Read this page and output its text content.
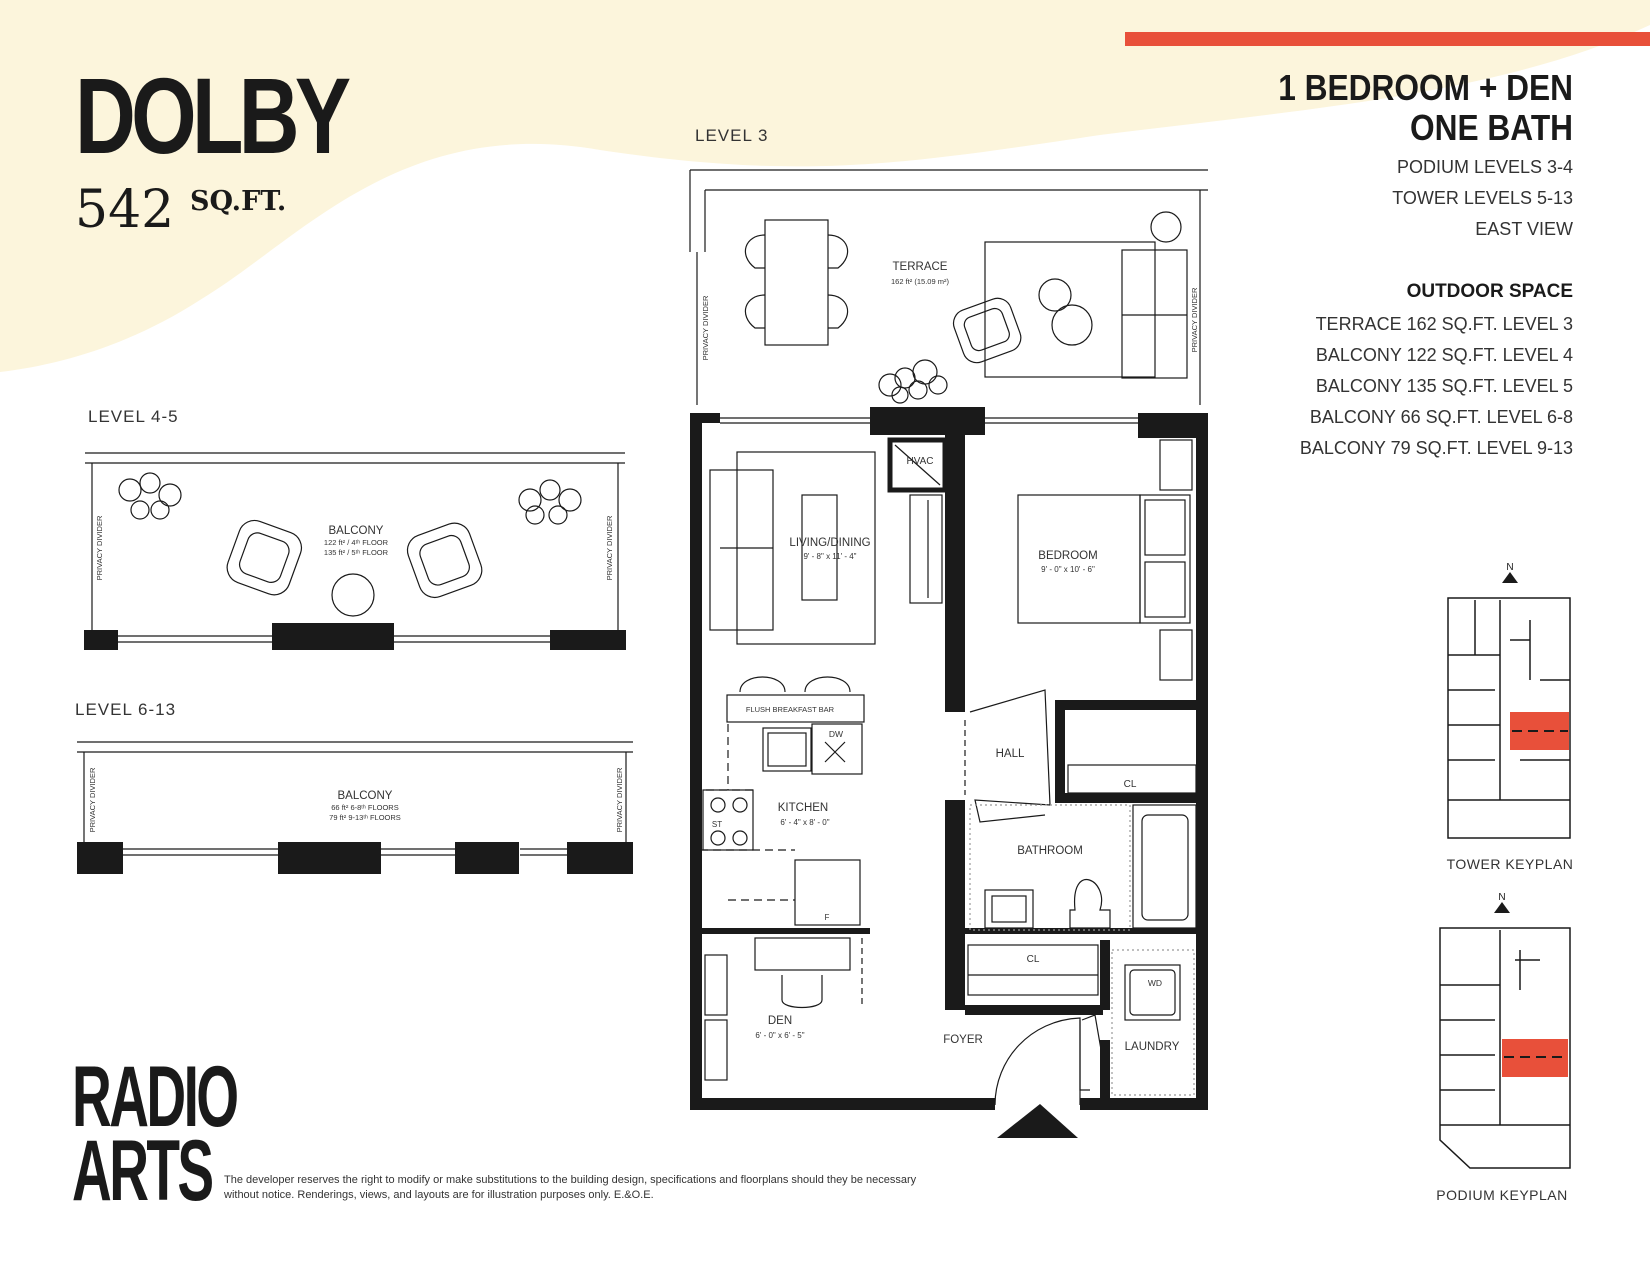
DOLBY
542 SQ.FT.
1 BEDROOM + DEN
ONE BATH
PODIUM LEVELS 3-4
TOWER LEVELS 5-13
EAST VIEW
OUTDOOR SPACE
TERRACE 162 SQ.FT. LEVEL 3
BALCONY 122 SQ.FT. LEVEL 4
BALCONY 135 SQ.FT. LEVEL 5
BALCONY 66 SQ.FT. LEVEL 6-8
BALCONY 79 SQ.FT. LEVEL 9-13
LEVEL 3
LEVEL 4-5
LEVEL 6-13
TERRACE
162 ft² (15.09 m²)
LIVING/DINING
9' - 8" x 11' - 4"
HVAC
BEDROOM
9' - 0" x 10' - 6"
FLUSH BREAKFAST BAR
DW
KITCHEN
6' - 4" x 8' - 0"
ST
F
HALL
CL
BATHROOM
CL
DEN
6' - 0" x 6' - 5"	FOYER
WD
LAUNDRY
PRIVACY DIVIDER	PRIVACY DIVIDER
BALCONY
122 ft² / 4ᵗʰ FLOOR
135 ft² / 5ᵗʰ FLOOR
PRIVACY DIVIDER	PRIVACY DIVIDER
BALCONY
66 ft² 6-8ᵗʰ FLOORS
79 ft² 9-13ᵗʰ FLOORS
PRIVACY DIVIDER	PRIVACY DIVIDER
N
N
TOWER KEYPLAN
PODIUM KEYPLAN
RADIO
ARTS	The developer reserves the right to modify or make substitutions to the building design, specifications and floorplans should they be necessary without notice. Renderings, views, and layouts are for illustration purposes only. E.&O.E.
